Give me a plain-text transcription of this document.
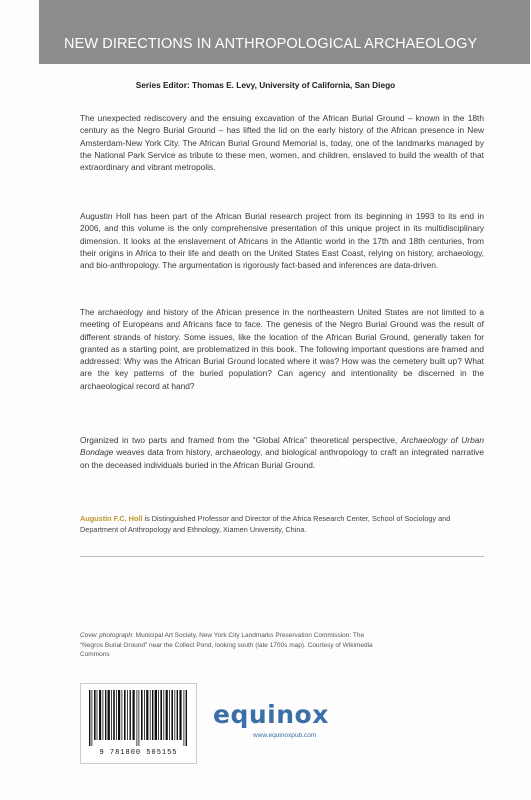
NEW DIRECTIONS IN ANTHROPOLOGICAL ARCHAEOLOGY
Series Editor: Thomas E. Levy, University of California, San Diego

The unexpected rediscovery and the ensuing excavation of the African Burial Ground – known in the 18th century as the Negro Burial Ground – has lifted the lid on the early history of the African presence in New Amsterdam-New York City. The African Burial Ground Memorial is, today, one of the landmarks managed by the National Park Service as tribute to these men, women, and children, enslaved to build the wealth of that extraordinary and vibrant metropolis.

Augustin Holl has been part of the African Burial research project from its beginning in 1993 to its end in 2006, and this volume is the only comprehensive presentation of this unique project in its multidisciplinary dimension. It looks at the enslavement of Africans in the Atlantic world in the 17th and 18th centuries, from their origins in Africa to their life and death on the United States East Coast, relying on history, archaeology, and bio-anthropology. The argumentation is rigorously fact-based and inferences are data-driven.

The archaeology and history of the African presence in the northeastern United States are not limited to a meeting of Europeans and Africans face to face. The genesis of the Negro Burial Ground was the result of different strands of history. Some issues, like the location of the African Burial Ground, generally taken for granted as a starting point, are problematized in this book. The following important questions are framed and addressed: Why was the African Burial Ground located where it was? How was the cemetery built up? What are the key patterns of the buried population? Can agency and intentionality be discerned in the archaeological record at hand?

Organized in two parts and framed from the “Global Africa” theoretical perspective, Archaeology of Urban Bondage weaves data from history, archaeology, and biological anthropology to craft an integrated narrative on the deceased individuals buried in the African Burial Ground.

Augustin F.C. Holl is Distinguished Professor and Director of the Africa Research Center, School of Sociology and Department of Anthropology and Ethnology, Xiamen University, China.
Cover photograph: Municipal Art Society, New York City Landmarks Preservation Commission: The “Negros Burial Ground” near the Collect Pond, looking south (late 1700s map). Courtesy of Wikimedia Commons
9 781800 505155
equinox
www.equinoxpub.com
